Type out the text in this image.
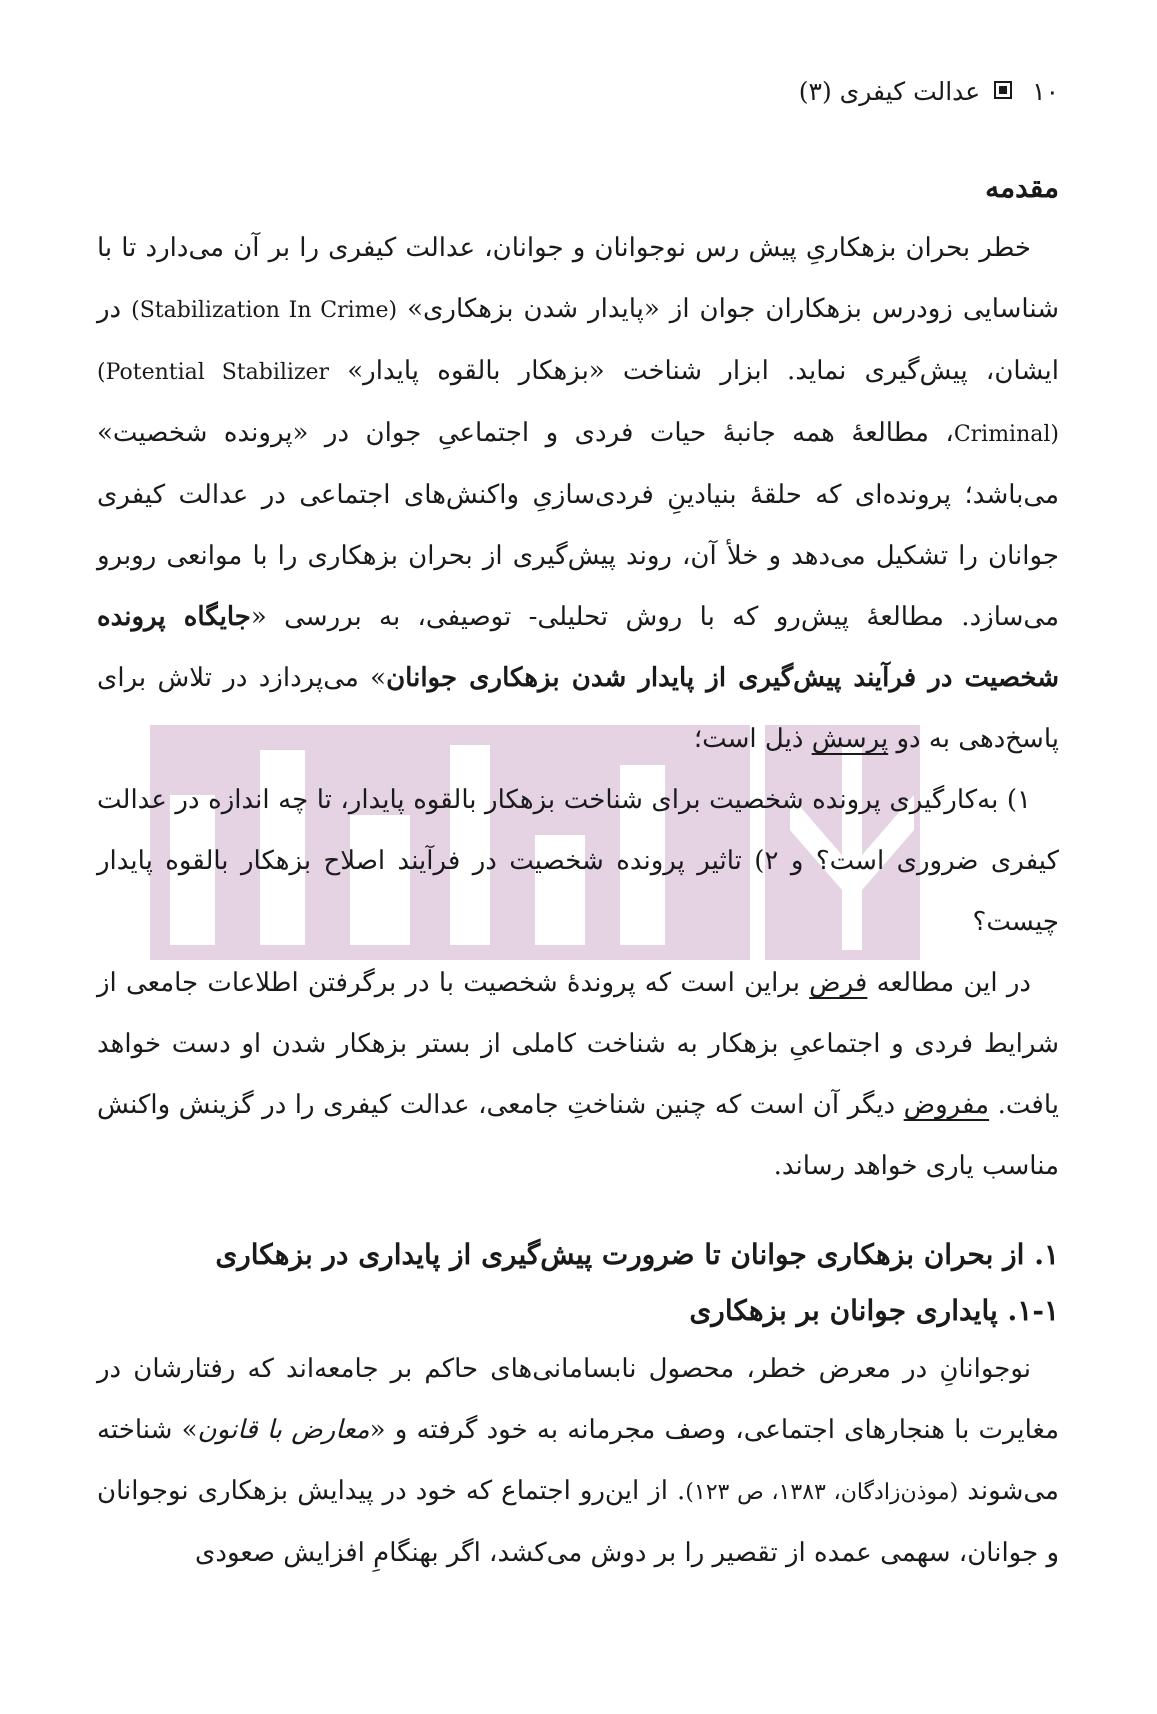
۱۰  عدالت کیفری (۳)

مقدمه

خطر بحران بزهکاریِ پیش رس نوجوانان و جوانان، عدالت کیفری را بر آن می‌دارد تا با شناسایی زودرس بزهکاران جوان از «پایدار شدن بزهکاری» (Stabilization In Crime) در ایشان، پیش‌گیری نماید. ابزار شناخت «بزهکار بالقوه پایدار» (Potential Stabilizer Criminal)، مطالعهٔ همه جانبهٔ حیات فردی و اجتماعیِ جوان در «پرونده شخصیت» می‌باشد؛ پرونده‌ای که حلقهٔ بنیادینِ فردی‌سازیِ واکنش‌های اجتماعی در عدالت کیفری جوانان را تشکیل می‌دهد و خلأ آن، روند پیش‌گیری از بحران بزهکاری را با موانعی روبرو می‌سازد. مطالعهٔ پیش‌رو که با روش تحلیلی- توصیفی، به بررسی «جایگاه پرونده شخصیت در فرآیند پیش‌گیری از پایدار شدن بزهکاری جوانان» می‌پردازد در تلاش برای پاسخ‌دهی به دو پرسش ذیل است؛

۱) به‌کارگیری پرونده شخصیت برای شناخت بزهکار بالقوه پایدار، تا چه اندازه در عدالت کیفری ضروری است؟ و ۲) تاثیر پرونده شخصیت در فرآیند اصلاح بزهکار بالقوه پایدار چیست؟

در این مطالعه فرض براین است که پروندهٔ شخصیت با در برگرفتن اطلاعات جامعی از شرایط فردی و اجتماعیِ بزهکار به شناخت کاملی از بستر بزهکار شدن او دست خواهد یافت. مفروض دیگر آن است که چنین شناختِ جامعی، عدالت کیفری را در گزینش واکنش مناسب یاری خواهد رساند.

۱. از بحران بزهکاری جوانان تا ضرورت پیش‌گیری از پایداری در بزهکاری

۱-۱. پایداری جوانان بر بزهکاری

نوجوانانِ در معرض خطر، محصول نابسامانی‌های حاکم بر جامعه‌اند که رفتارشان در مغایرت با هنجارهای اجتماعی، وصف مجرمانه به خود گرفته و «معارض با قانون» شناخته می‌شوند (موذن‌زادگان، ۱۳۸۳، ص ۱۲۳). از این‌رو اجتماع که خود در پیدایش بزهکاری نوجوانان و جوانان، سهمی عمده از تقصیر را بر دوش می‌کشد، اگر بهنگامِ افزایش صعودی
